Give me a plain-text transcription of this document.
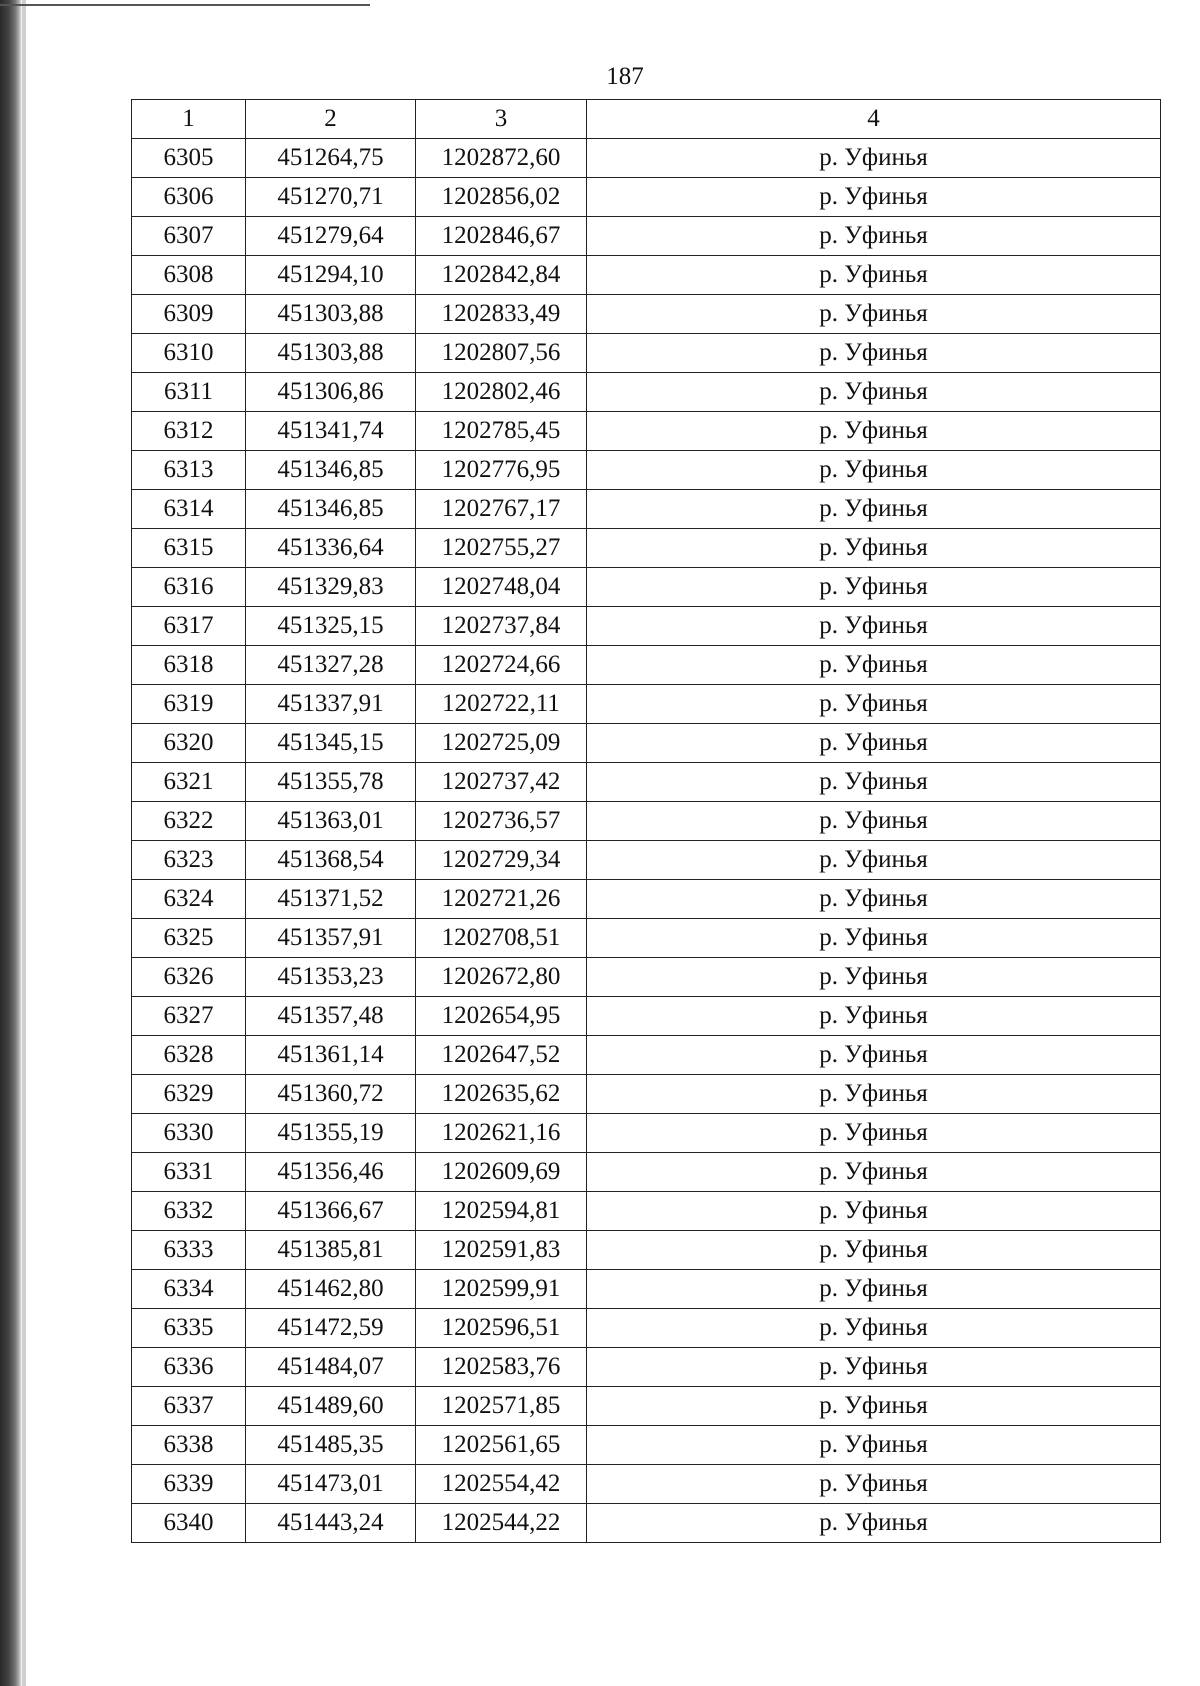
187
1	2	3	4
6305	451264,75	1202872,60	р. Уфинья
6306	451270,71	1202856,02	р. Уфинья
6307	451279,64	1202846,67	р. Уфинья
6308	451294,10	1202842,84	р. Уфинья
6309	451303,88	1202833,49	р. Уфинья
6310	451303,88	1202807,56	р. Уфинья
6311	451306,86	1202802,46	р. Уфинья
6312	451341,74	1202785,45	р. Уфинья
6313	451346,85	1202776,95	р. Уфинья
6314	451346,85	1202767,17	р. Уфинья
6315	451336,64	1202755,27	р. Уфинья
6316	451329,83	1202748,04	р. Уфинья
6317	451325,15	1202737,84	р. Уфинья
6318	451327,28	1202724,66	р. Уфинья
6319	451337,91	1202722,11	р. Уфинья
6320	451345,15	1202725,09	р. Уфинья
6321	451355,78	1202737,42	р. Уфинья
6322	451363,01	1202736,57	р. Уфинья
6323	451368,54	1202729,34	р. Уфинья
6324	451371,52	1202721,26	р. Уфинья
6325	451357,91	1202708,51	р. Уфинья
6326	451353,23	1202672,80	р. Уфинья
6327	451357,48	1202654,95	р. Уфинья
6328	451361,14	1202647,52	р. Уфинья
6329	451360,72	1202635,62	р. Уфинья
6330	451355,19	1202621,16	р. Уфинья
6331	451356,46	1202609,69	р. Уфинья
6332	451366,67	1202594,81	р. Уфинья
6333	451385,81	1202591,83	р. Уфинья
6334	451462,80	1202599,91	р. Уфинья
6335	451472,59	1202596,51	р. Уфинья
6336	451484,07	1202583,76	р. Уфинья
6337	451489,60	1202571,85	р. Уфинья
6338	451485,35	1202561,65	р. Уфинья
6339	451473,01	1202554,42	р. Уфинья
6340	451443,24	1202544,22	р. Уфинья
